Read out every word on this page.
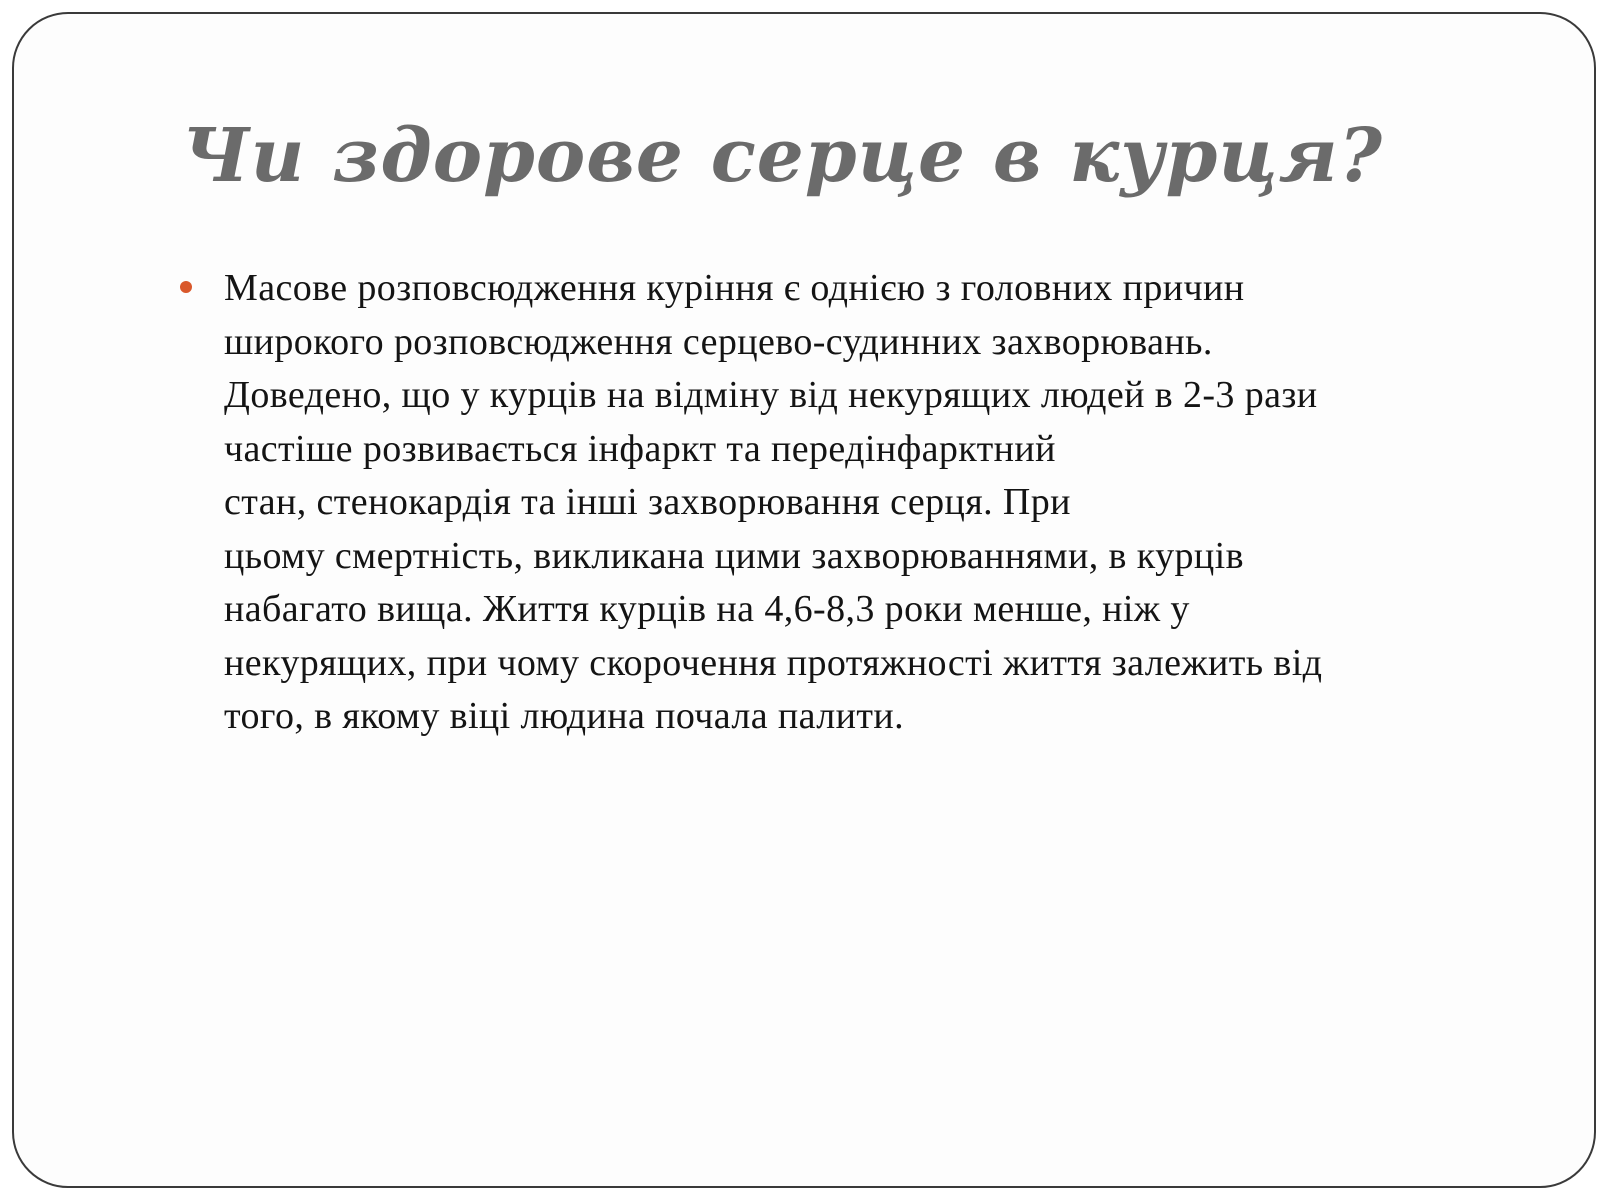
Чи здорове серце в курця?
Масове розповсюдження куріння є однією з головних причин
широкого розповсюдження серцево-судинних захворювань.
Доведено, що у курців на відміну від некурящих людей в 2-3 рази
частіше розвивається інфаркт та передінфарктний
стан, стенокардія та інші захворювання серця. При
цьому смертність, викликана цими захворюваннями, в курців
набагато вища. Життя курців на 4,6-8,3 роки менше, ніж у
некурящих, при чому скорочення протяжності життя залежить від
того, в якому віці людина почала палити.
